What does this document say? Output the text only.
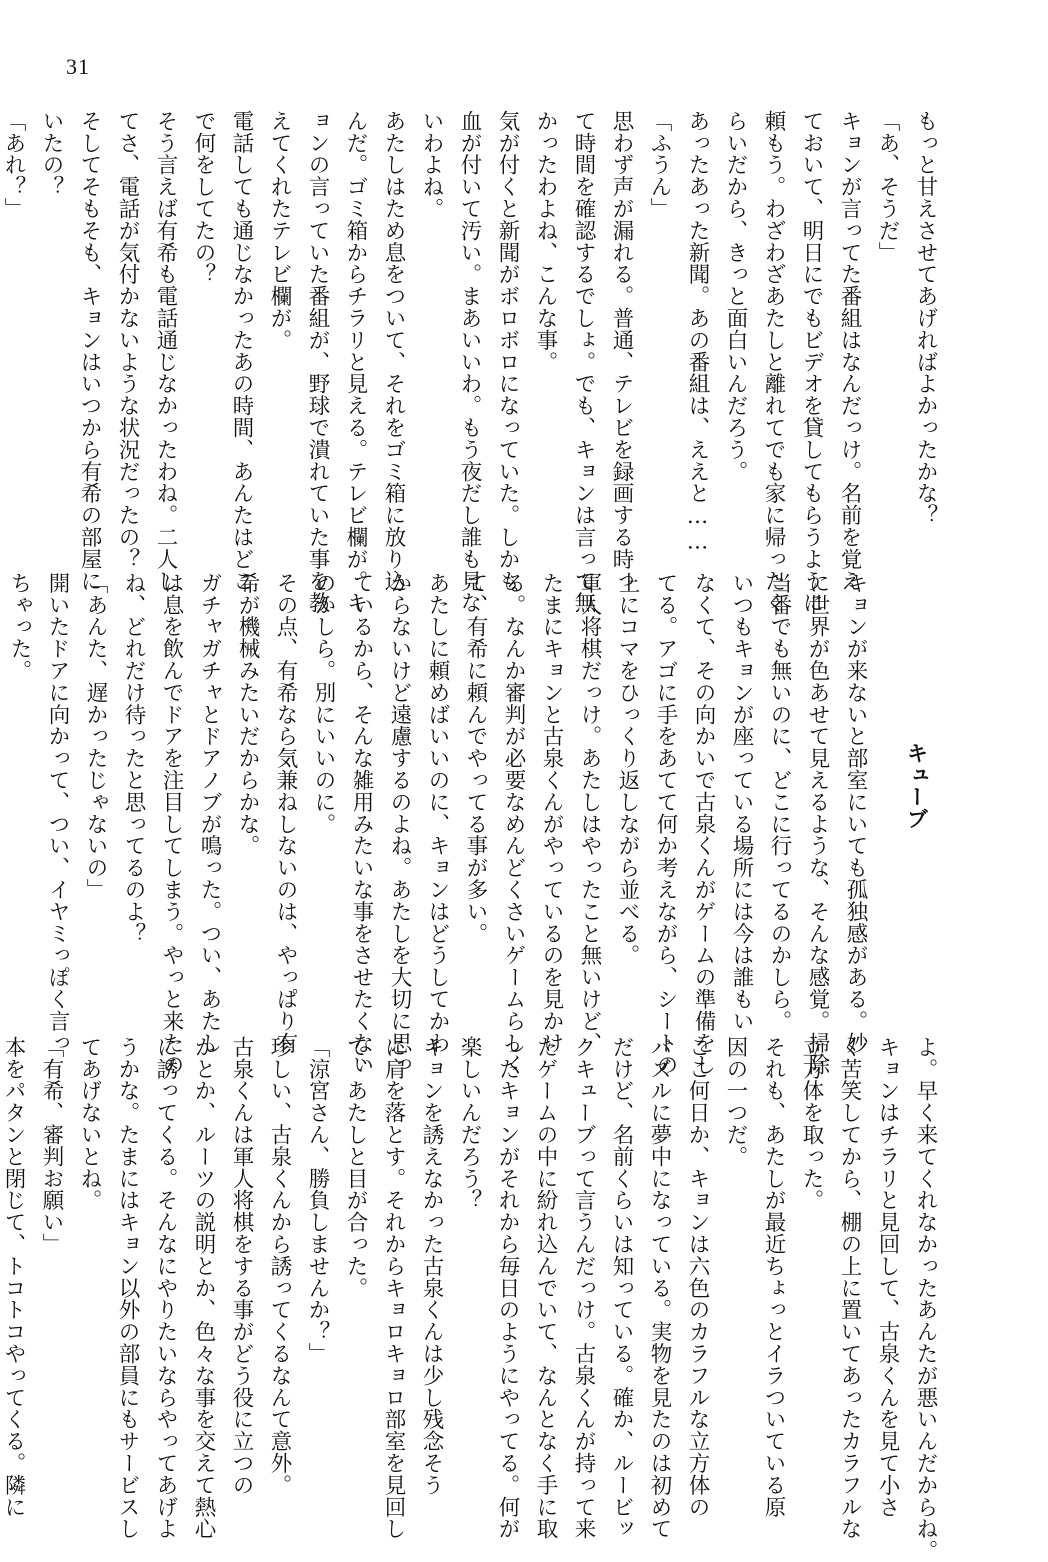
31
もっと甘えさせてあげればよかったかな？
「あ、そうだ」
キョンが言ってた番組はなんだっけ。名前を覚え
ておいて、明日にでもビデオを貸してもらうように
頼もう。わざわざあたしと離れてでも家に帰ったく
らいだから、きっと面白いんだろう。
あったあった新聞。あの番組は、ええと……
「ふうん」
思わず声が漏れる。普通、テレビを録画する時っ
て時間を確認するでしょ。でも、キョンは言って無
かったわよね、こんな事。
気が付くと新聞がボロボロになっていた。しかも
血が付いて汚い。まあいいわ。もう夜だし誰も見な
いわよね。
あたしはため息をついて、それをゴミ箱に放り込
んだ。ゴミ箱からチラリと見える。テレビ欄が。キ
ョンの言っていた番組が、野球で潰れていた事を教
えてくれたテレビ欄が。
電話しても通じなかったあの時間、あんたはどこ
で何をしてたの？
そう言えば有希も電話通じなかったわね。二人し
てさ、電話が気付かないような状況だったの？
そしてそもそも、キョンはいつから有希の部屋に
いたの？
「あれ？」
キューブ
キョンが来ないと部室にいても孤独感がある。妙
に世界が色あせて見えるような、そんな感覚。掃除
当番でも無いのに、どこに行ってるのかしら。
いつもキョンが座っている場所には今は誰もい
なくて、その向かいで古泉くんがゲームの準備をし
てる。アゴに手をあてて何か考えながら、シートの
上にコマをひっくり返しながら並べる。
軍人将棋だっけ。あたしはやったこと無いけど、
たまにキョンと古泉くんがやっているのを見かけ
る。なんか審判が必要なめんどくさいゲームらしく
て、有希に頼んでやってる事が多い。
あたしに頼めばいいのに、キョンはどうしてかわ
からないけど遠慮するのよね。あたしを大切に思っ
ているから、そんな雑用みたいな事をさせたくない
のかしら。別にいいのに。
その点、有希なら気兼ねしないのは、やっぱり有
希が機械みたいだからかな。
ガチャガチャとドアノブが鳴った。つい、あたし
は息を飲んでドアを注目してしまう。やっと来たの
ね、どれだけ待ったと思ってるのよ？
「あんた、遅かったじゃないの」
開いたドアに向かって、つい、イヤミっぽく言っ
ちゃった。
よ。早く来てくれなかったあんたが悪いんだからね。
キョンはチラリと見回して、古泉くんを見て小さ
く苦笑してから、棚の上に置いてあったカラフルな
立方体を取った。
それも、あたしが最近ちょっとイラついている原
因の一つだ。
ここ何日か、キョンは六色のカラフルな立方体の
パズルに夢中になっている。実物を見たのは初めて
だけど、名前くらいは知っている。確か、ルービッ
クキューブって言うんだっけ。古泉くんが持って来
たゲームの中に紛れ込んでいて、なんとなく手に取
ったキョンがそれから毎日のようにやってる。何が
楽しいんだろう？
キョンを誘えなかった古泉くんは少し残念そう
に肩を落とす。それからキョロキョロ部室を見回し
て、あたしと目が合った。
「涼宮さん、勝負しませんか？」
珍しい、古泉くんから誘ってくるなんて意外。
古泉くんは軍人将棋をする事がどう役に立つの
かとか、ルーツの説明とか、色々な事を交えて熱心
に誘ってくる。そんなにやりたいならやってあげよ
うかな。たまにはキョン以外の部員にもサービスし
てあげないとね。
「有希、審判お願い」
本をパタンと閉じて、トコトコやってくる。隣に
